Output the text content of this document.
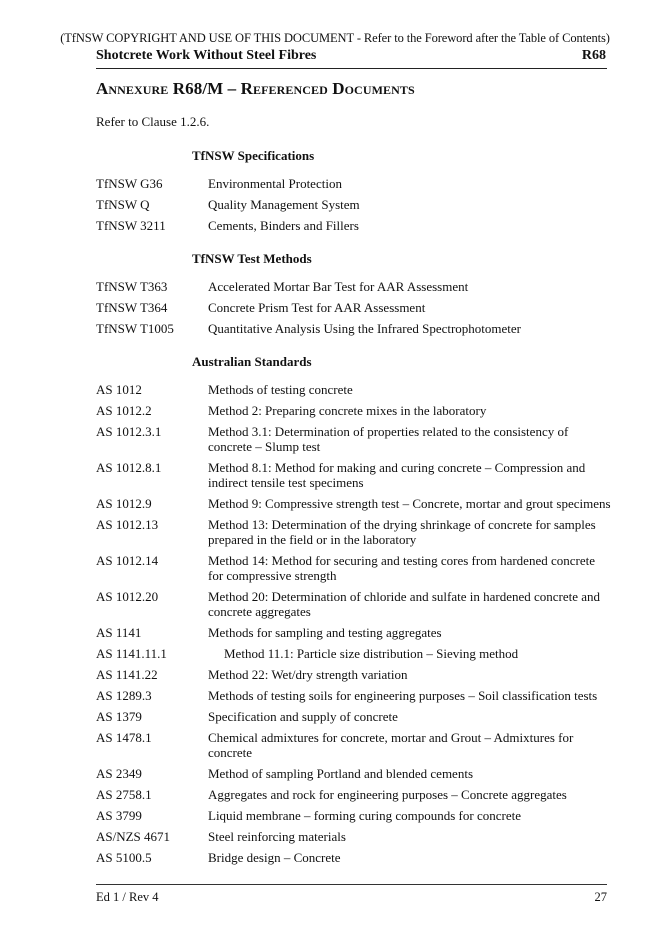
(TfNSW COPYRIGHT AND USE OF THIS DOCUMENT - Refer to the Foreword after the Table of Contents)
Shotcrete Work Without Steel Fibres	R68
Annexure R68/M – Referenced Documents
Refer to Clause 1.2.6.
TfNSW Specifications
TfNSW G36	Environmental Protection
TfNSW Q	Quality Management System
TfNSW 3211	Cements, Binders and Fillers
TfNSW Test Methods
TfNSW T363	Accelerated Mortar Bar Test for AAR Assessment
TfNSW T364	Concrete Prism Test for AAR Assessment
TfNSW T1005	Quantitative Analysis Using the Infrared Spectrophotometer
Australian Standards
AS 1012	Methods of testing concrete
AS 1012.2	Method 2: Preparing concrete mixes in the laboratory
AS 1012.3.1	Method 3.1: Determination of properties related to the consistency of concrete – Slump test
AS 1012.8.1	Method 8.1: Method for making and curing concrete – Compression and indirect tensile test specimens
AS 1012.9	Method 9: Compressive strength test – Concrete, mortar and grout specimens
AS 1012.13	Method 13: Determination of the drying shrinkage of concrete for samples prepared in the field or in the laboratory
AS 1012.14	Method 14: Method for securing and testing cores from hardened concrete for compressive strength
AS 1012.20	Method 20: Determination of chloride and sulfate in hardened concrete and concrete aggregates
AS 1141	Methods for sampling and testing aggregates
AS 1141.11.1	Method 11.1: Particle size distribution – Sieving method
AS 1141.22	Method 22: Wet/dry strength variation
AS 1289.3	Methods of testing soils for engineering purposes – Soil classification tests
AS 1379	Specification and supply of concrete
AS 1478.1	Chemical admixtures for concrete, mortar and Grout – Admixtures for concrete
AS 2349	Method of sampling Portland and blended cements
AS 2758.1	Aggregates and rock for engineering purposes – Concrete aggregates
AS 3799	Liquid membrane – forming curing compounds for concrete
AS/NZS 4671	Steel reinforcing materials
AS 5100.5	Bridge design – Concrete
Ed 1 / Rev 4	27
